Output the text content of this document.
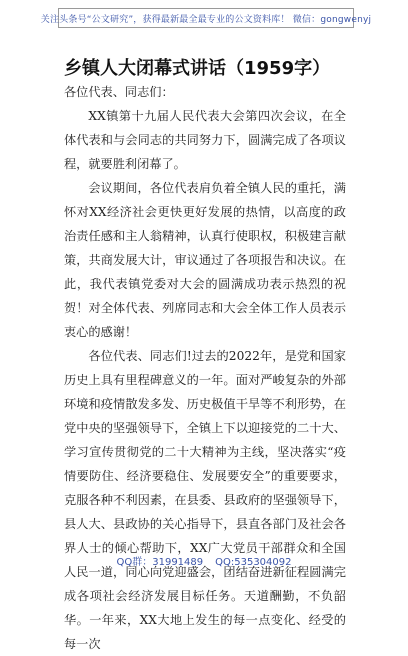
关注头条号“公文研究”，获得最新最全最专业的公文资料库！ 微信：gongwenyj
乡镇人大闭幕式讲话（1959字）

各位代表、同志们：

XX镇第十九届人民代表大会第四次会议，在全体代表和与会同志的共同努力下，圆满完成了各项议程，就要胜利闭幕了。

会议期间，各位代表肩负着全镇人民的重托，满怀对XX经济社会更快更好发展的热情，以高度的政治责任感和主人翁精神，认真行使职权，积极建言献策，共商发展大计，审议通过了各项报告和决议。在此，我代表镇党委对大会的圆满成功表示热烈的祝贺！对全体代表、列席同志和大会全体工作人员表示衷心的感谢！

各位代表、同志们!过去的2022年，是党和国家历史上具有里程碑意义的一年。面对严峻复杂的外部环境和疫情散发多发、历史极值干旱等不利形势，在党中央的坚强领导下，全镇上下以迎接党的二十大、学习宣传贯彻党的二十大精神为主线，坚决落实“疫情要防住、经济要稳住、发展要安全”的重要要求，克服各种不利因素，在县委、县政府的坚强领导下，县人大、县政协的关心指导下，县直各部门及社会各界人士的倾心帮助下，XX广大党员干部群众和全国人民一道，同心向党迎盛会，团结奋进新征程圆满完成各项社会经济发展目标任务。天道酬勤，不负韶华。一年来，XX大地上发生的每一点变化、经受的每一次

QQ群：31991489 QQ:535304092
